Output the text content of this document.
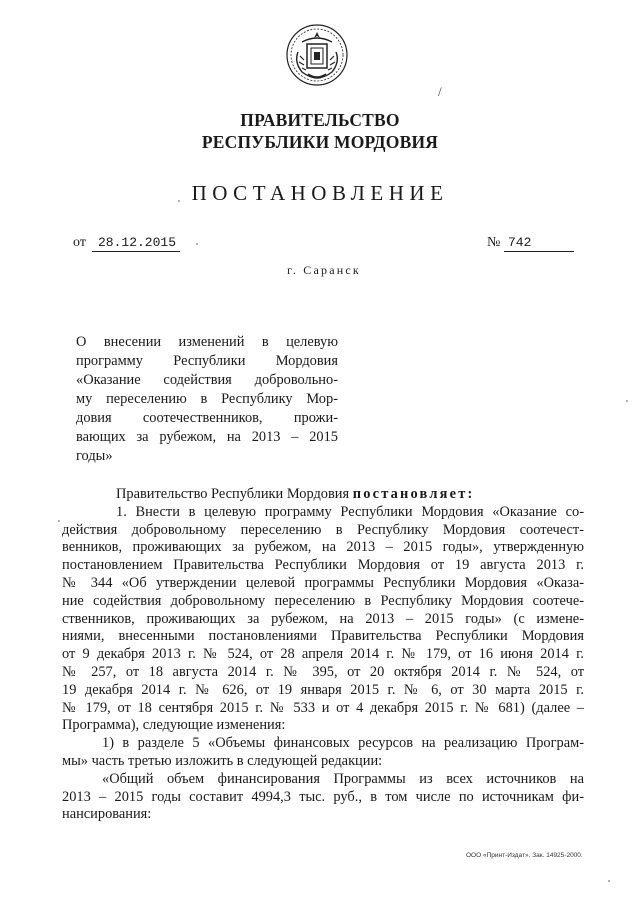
/
ПРАВИТЕЛЬСТВО
РЕСПУБЛИКИ МОРДОВИЯ
ПОСТАНОВЛЕНИЕ
от 28.12.2015	№ 742
г. Саранск
О внесении изменений в целевую
программу Республики Мордовия
«Оказание содействия добровольно-
му переселению в Республику Мор-
довия соотечественников, прожи-
вающих за рубежом, на 2013 – 2015
годы»
Правительство Республики Мордовия постановляет:
1. Внести в целевую программу Республики Мордовия «Оказание со-
действия добровольному переселению в Республику Мордовия соотечест-
венников, проживающих за рубежом, на 2013 – 2015 годы», утвержденную
постановлением Правительства Республики Мордовия от 19 августа 2013 г.
№ 344 «Об утверждении целевой программы Республики Мордовия «Оказа-
ние содействия добровольному переселению в Республику Мордовия соотече-
ственников, проживающих за рубежом, на 2013 – 2015 годы» (с измене-
ниями, внесенными постановлениями Правительства Республики Мордовия
от 9 декабря 2013 г. № 524, от 28 апреля 2014 г. № 179, от 16 июня 2014 г.
№ 257, от 18 августа 2014 г. № 395, от 20 октября 2014 г. № 524, от
19 декабря 2014 г. № 626, от 19 января 2015 г. № 6, от 30 марта 2015 г.
№ 179, от 18 сентября 2015 г. № 533 и от 4 декабря 2015 г. № 681) (далее –
Программа), следующие изменения:
1) в разделе 5 «Объемы финансовых ресурсов на реализацию Програм-
мы» часть третью изложить в следующей редакции:
«Общий объем финансирования Программы из всех источников на
2013 – 2015 годы составит 4994,3 тыс. руб., в том числе по источникам фи-
нансирования:
ООО «Принт-Издат». Зак. 14925-2000.
